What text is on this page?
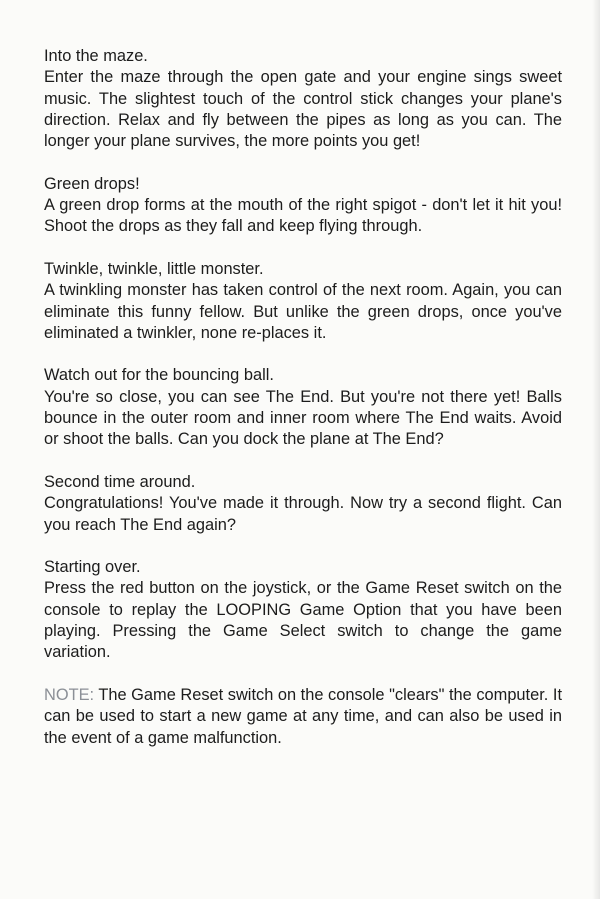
Into the maze.
Enter the maze through the open gate and your engine sings sweet music. The slightest touch of the control stick changes your plane's direction. Relax and fly between the pipes as long as you can. The longer your plane survives, the more points you get!
Green drops!
A green drop forms at the mouth of the right spigot - don't let it hit you! Shoot the drops as they fall and keep flying through.
Twinkle, twinkle, little monster.
A twinkling monster has taken control of the next room. Again, you can eliminate this funny fellow. But unlike the green drops, once you've eliminated a twinkler, none re-places it.
Watch out for the bouncing ball.
You're so close, you can see The End. But you're not there yet! Balls bounce in the outer room and inner room where The End waits. Avoid or shoot the balls. Can you dock the plane at The End?
Second time around.
Congratulations! You've made it through. Now try a second flight. Can you reach The End again?
Starting over.
Press the red button on the joystick, or the Game Reset switch on the console to replay the LOOPING Game Option that you have been playing. Pressing the Game Select switch to change the game variation.
NOTE: The Game Reset switch on the console "clears" the computer. It can be used to start a new game at any time, and can also be used in the event of a game malfunction.
